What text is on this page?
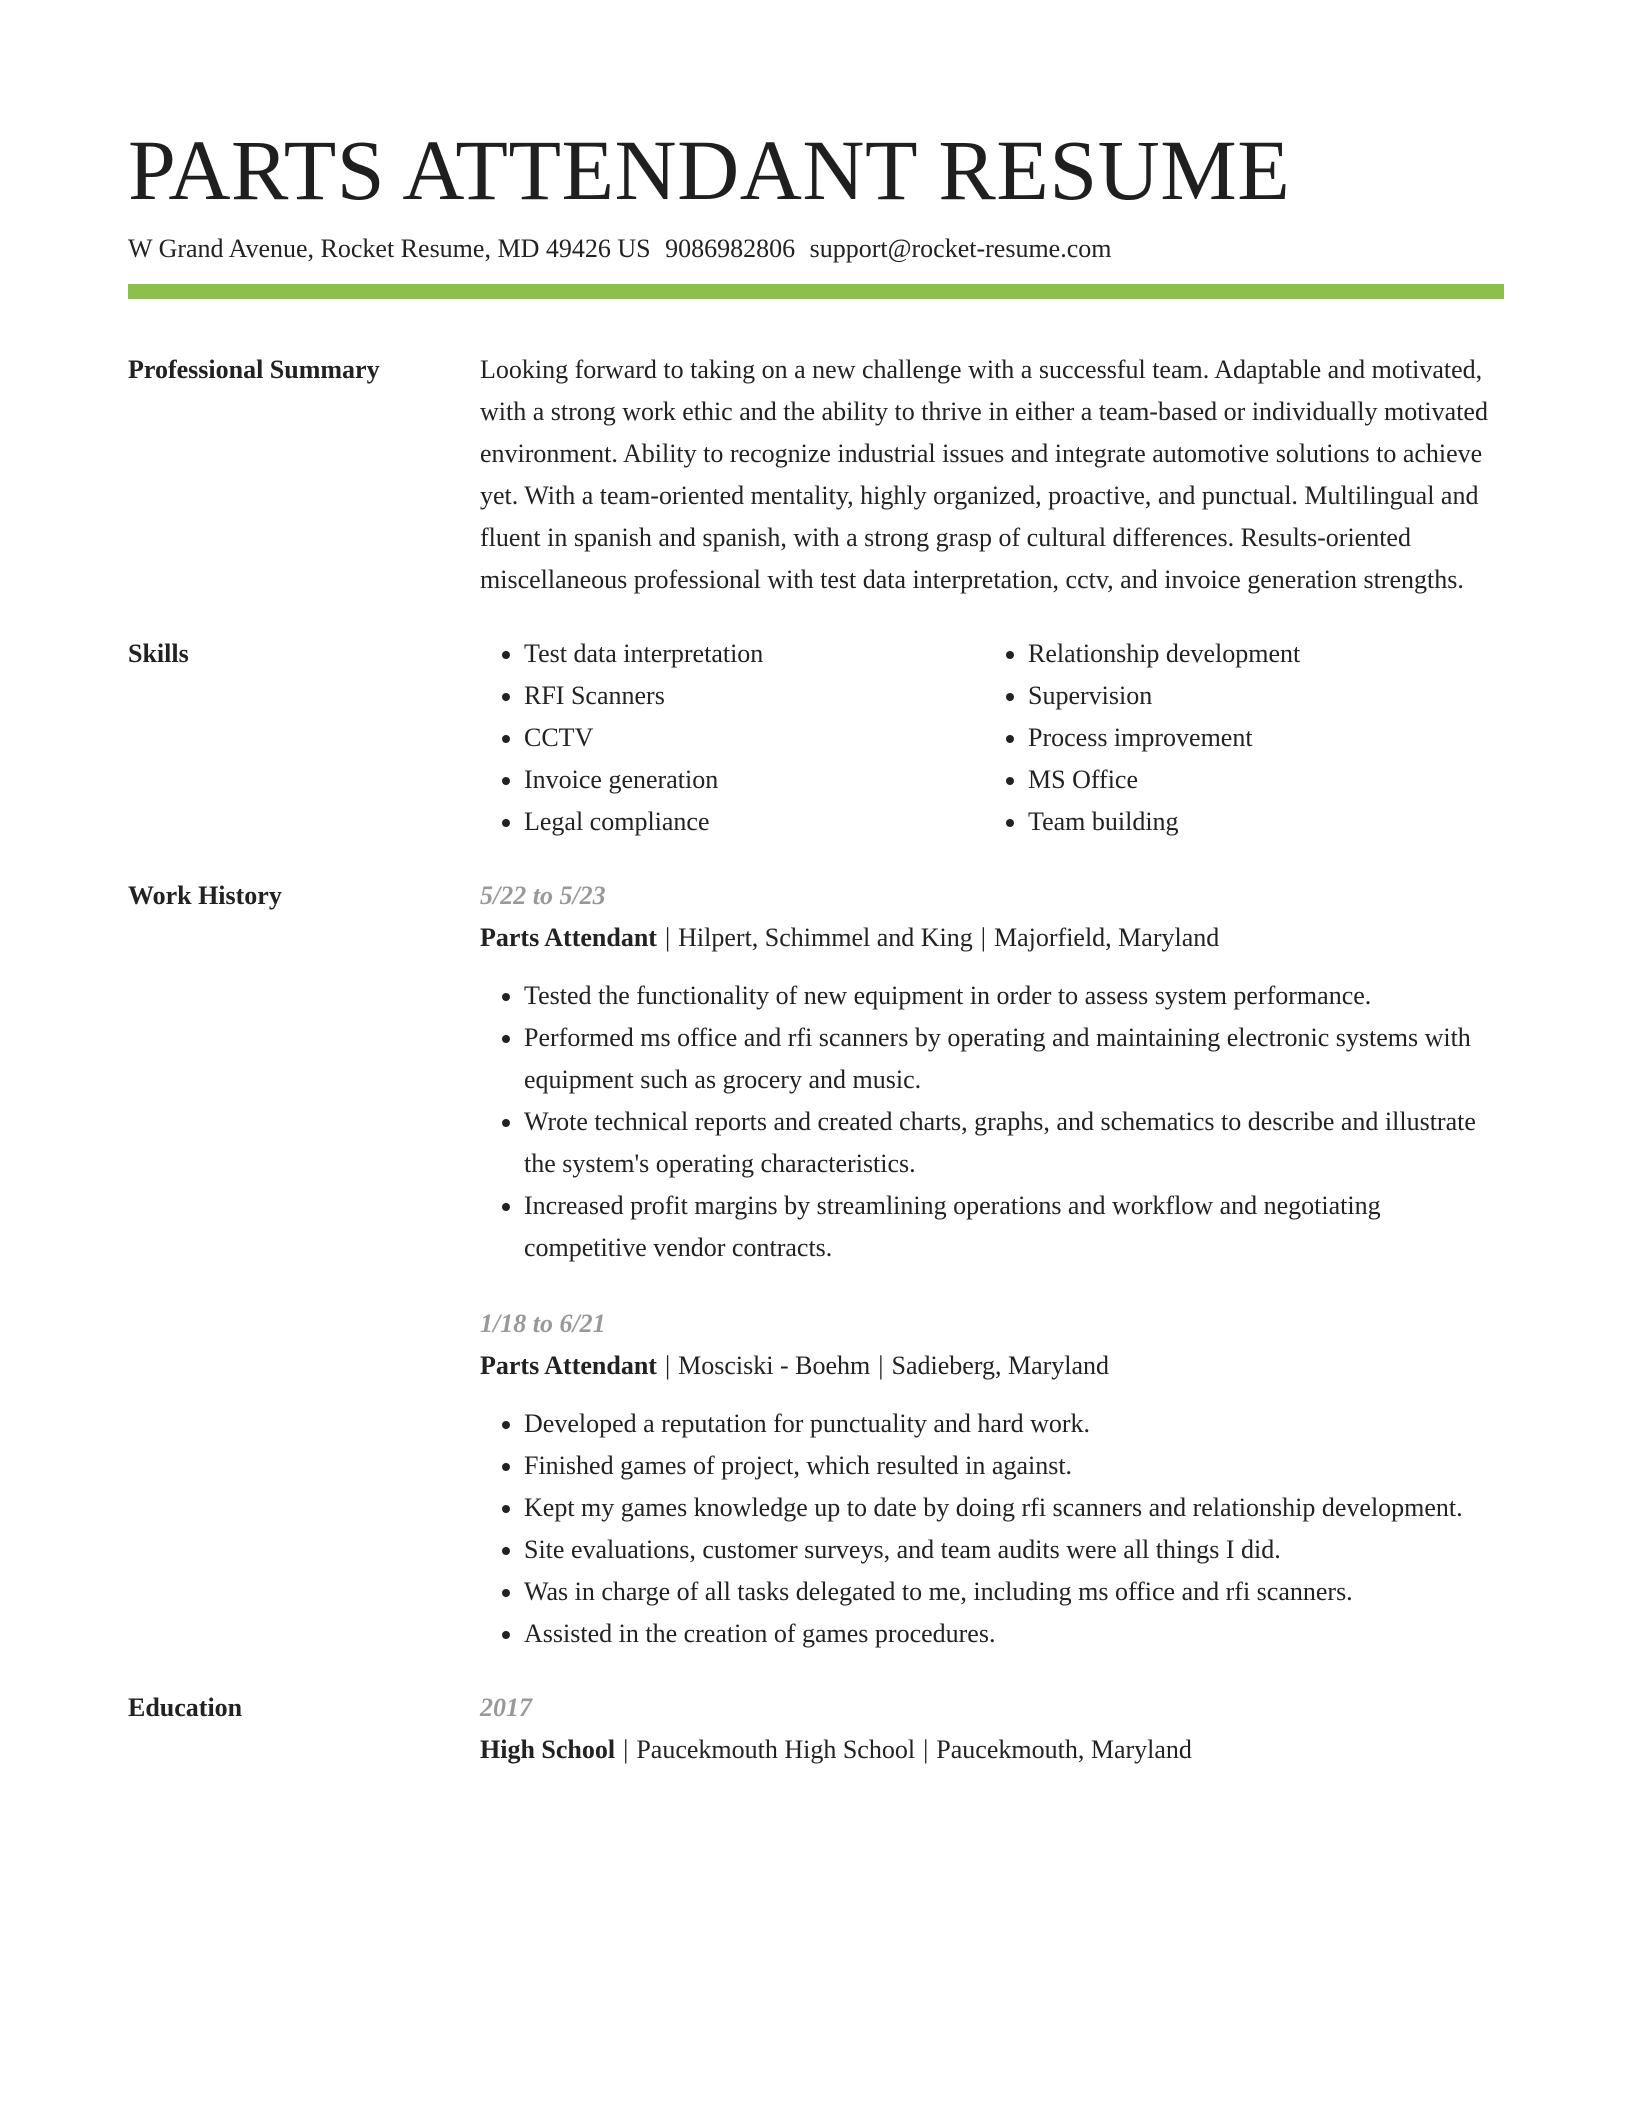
PARTS ATTENDANT RESUME
W Grand Avenue, Rocket Resume, MD 49426 US 9086982806 support@rocket-resume.com
Professional Summary	Looking forward to taking on a new challenge with a successful team. Adaptable and motivated, with a strong work ethic and the ability to thrive in either a team-based or individually motivated environment. Ability to recognize industrial issues and integrate automotive solutions to achieve yet. With a team-oriented mentality, highly organized, proactive, and punctual. Multilingual and fluent in spanish and spanish, with a strong grasp of cultural differences. Results-oriented miscellaneous professional with test data interpretation, cctv, and invoice generation strengths.
Skills
•	Test data interpretation
• RFI Scanners
• CCTV
• Invoice generation
• Legal compliance
• Relationship development
• Supervision
• Process improvement
• MS Office
• Team building
Work History	5/22 to 5/23
Parts Attendant | Hilpert, Schimmel and King | Majorfield, Maryland
• Tested the functionality of new equipment in order to assess system performance.
• Performed ms office and rfi scanners by operating and maintaining electronic systems with equipment such as grocery and music.
• Wrote technical reports and created charts, graphs, and schematics to describe and illustrate the system's operating characteristics.
• Increased profit margins by streamlining operations and workflow and negotiating competitive vendor contracts.
1/18 to 6/21
Parts Attendant | Mosciski - Boehm | Sadieberg, Maryland
• Developed a reputation for punctuality and hard work.
• Finished games of project, which resulted in against.
• Kept my games knowledge up to date by doing rfi scanners and relationship development.
• Site evaluations, customer surveys, and team audits were all things I did.
• Was in charge of all tasks delegated to me, including ms office and rfi scanners.
• Assisted in the creation of games procedures.
Education	2017
High School | Paucekmouth High School | Paucekmouth, Maryland
